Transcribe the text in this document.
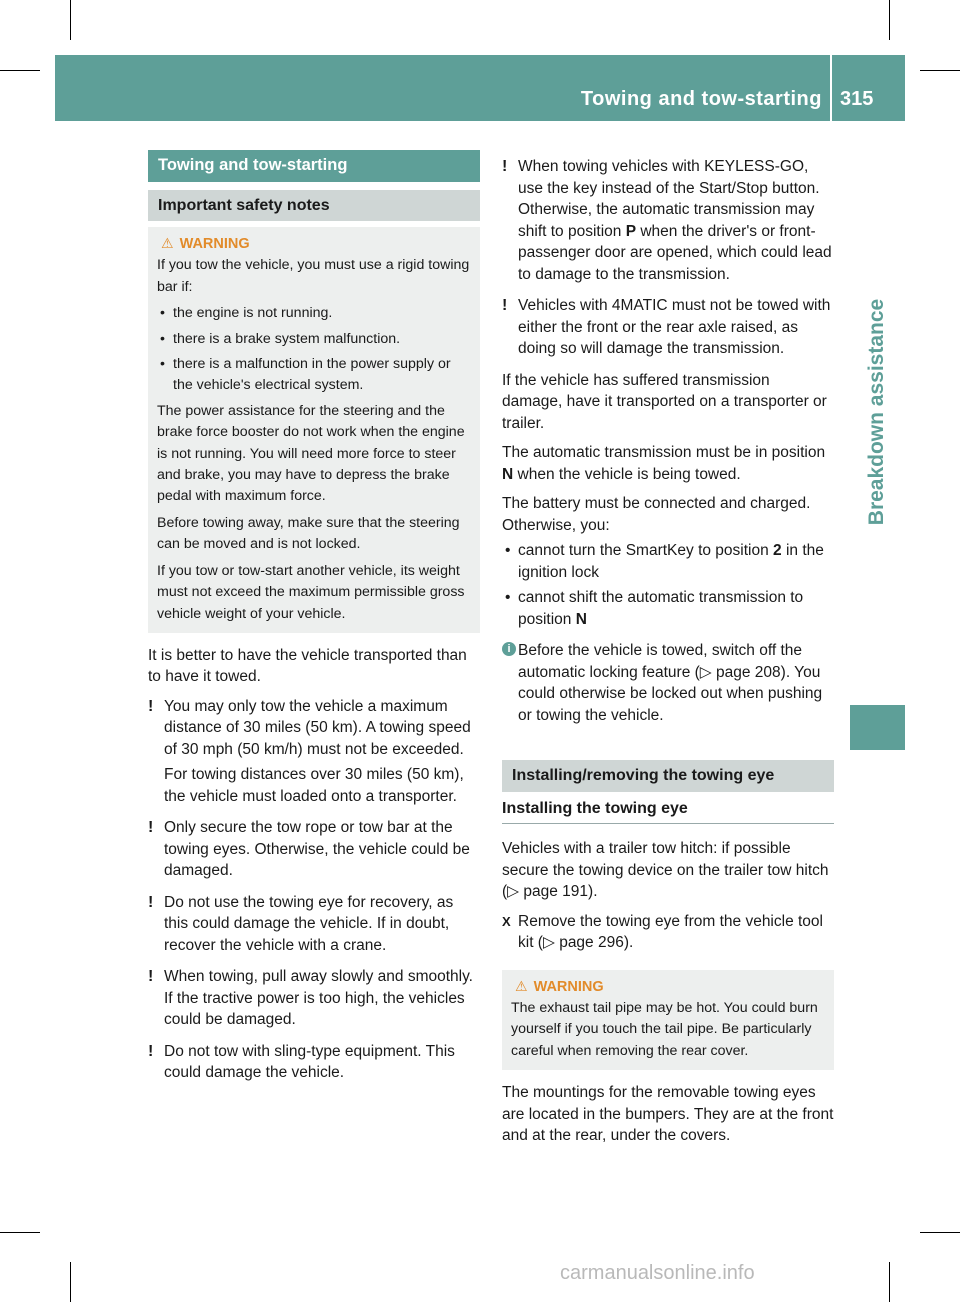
Towing and tow-starting 315
Breakdown assistance
Towing and tow-starting
Important safety notes
⚠ WARNING

If you tow the vehicle, you must use a rigid towing bar if:

• the engine is not running.
• there is a brake system malfunction.
• there is a malfunction in the power supply or the vehicle's electrical system.

The power assistance for the steering and the brake force booster do not work when the engine is not running. You will need more force to steer and brake, you may have to depress the brake pedal with maximum force.

Before towing away, make sure that the steering can be moved and is not locked.

If you tow or tow-start another vehicle, its weight must not exceed the maximum permissible gross vehicle weight of your vehicle.

It is better to have the vehicle transported than to have it towed.

! You may only tow the vehicle a maximum distance of 30 miles (50 km). A towing speed of 30 mph (50 km/h) must not be exceeded.
For towing distances over 30 miles (50 km), the vehicle must loaded onto a transporter.
! Only secure the tow rope or tow bar at the towing eyes. Otherwise, the vehicle could be damaged.
! Do not use the towing eye for recovery, as this could damage the vehicle. If in doubt, recover the vehicle with a crane.
! When towing, pull away slowly and smoothly. If the tractive power is too high, the vehicles could be damaged.
! Do not tow with sling-type equipment. This could damage the vehicle.
! When towing vehicles with KEYLESS-GO, use the key instead of the Start/Stop button. Otherwise, the automatic transmission may shift to position P when the driver's or front-passenger door are opened, which could lead to damage to the transmission.
! Vehicles with 4MATIC must not be towed with either the front or the rear axle raised, as doing so will damage the transmission.

If the vehicle has suffered transmission damage, have it transported on a transporter or trailer.

The automatic transmission must be in position N when the vehicle is being towed.

The battery must be connected and charged. Otherwise, you:

• cannot turn the SmartKey to position 2 in the ignition lock
• cannot shift the automatic transmission to position N
i Before the vehicle is towed, switch off the automatic locking feature (▷ page 208). You could otherwise be locked out when pushing or towing the vehicle.
Installing/removing the towing eye
Installing the towing eye

Vehicles with a trailer tow hitch: if possible secure the towing device on the trailer tow hitch (▷ page 191).

X Remove the towing eye from the vehicle tool kit (▷ page 296).
⚠ WARNING

The exhaust tail pipe may be hot. You could burn yourself if you touch the tail pipe. Be particularly careful when removing the rear cover.

The mountings for the removable towing eyes are located in the bumpers. They are at the front and at the rear, under the covers.

carmanualsonline.info
